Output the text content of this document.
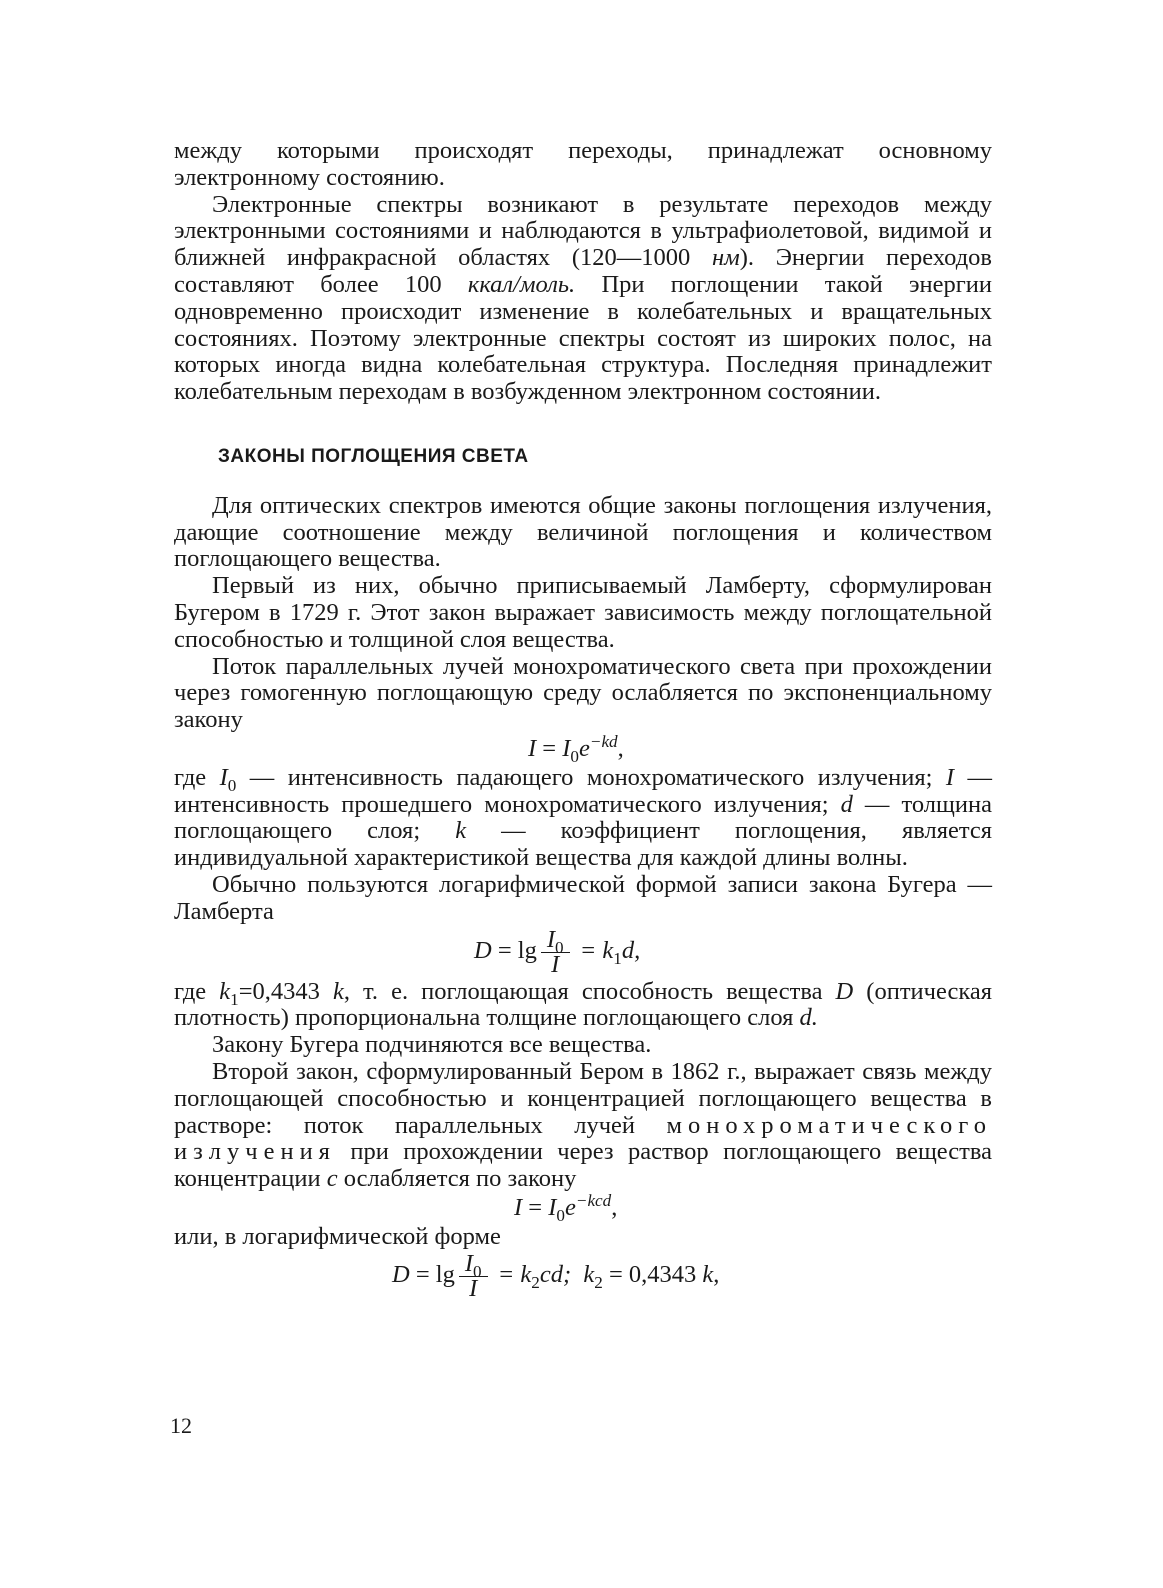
между которыми происходят переходы, принадлежат основному электронному состоянию.

Электронные спектры возникают в результате переходов между электронными состояниями и наблюдаются в ультрафиолетовой, видимой и ближней инфракрасной областях (120—1000 нм). Энергии переходов составляют более 100 ккал/моль. При поглощении такой энергии одновременно происходит изменение в колебательных и вращательных состояниях. Поэтому электронные спектры состоят из широких полос, на которых иногда видна колебательная структура. Последняя принадлежит колебательным переходам в возбужденном электронном состоянии.

ЗАКОНЫ ПОГЛОЩЕНИЯ СВЕТА

Для оптических спектров имеются общие законы поглощения излучения, дающие соотношение между величиной поглощения и количеством поглощающего вещества.

Первый из них, обычно приписываемый Ламберту, сформулирован Бугером в 1729 г. Этот закон выражает зависимость между поглощательной способностью и толщиной слоя вещества.

Поток параллельных лучей монохроматического света при прохождении через гомогенную поглощающую среду ослабляется по экспоненциальному закону

$I = I_0e^{-kd}$,

где $I_0$ — интенсивность падающего монохроматического излучения; I — интенсивность прошедшего монохроматического излучения; d — толщина поглощающего слоя; k — коэффициент поглощения, является индивидуальной характеристикой вещества для каждой длины волны.

Обычно пользуются логарифмической формой записи закона Бугера — Ламберта

$D = \lg \frac{I_0}{I} = k_1d$,

где $k_1=0,4343$ k, т. е. поглощающая способность вещества D (оптическая плотность) пропорциональна толщине поглощающего слоя d.

Закону Бугера подчиняются все вещества.

Второй закон, сформулированный Бером в 1862 г., выражает связь между поглощающей способностью и концентрацией поглощающего вещества в растворе: поток параллельных лучей монохроматического излучения при прохождении через раствор поглощающего вещества концентрации c ослабляется по закону

$I = I_0e^{-kcd}$,

или, в логарифмической форме

$D = \lg \frac{I_0}{I} = k_2cd$; $k_2 = 0,4343$ k,
12
